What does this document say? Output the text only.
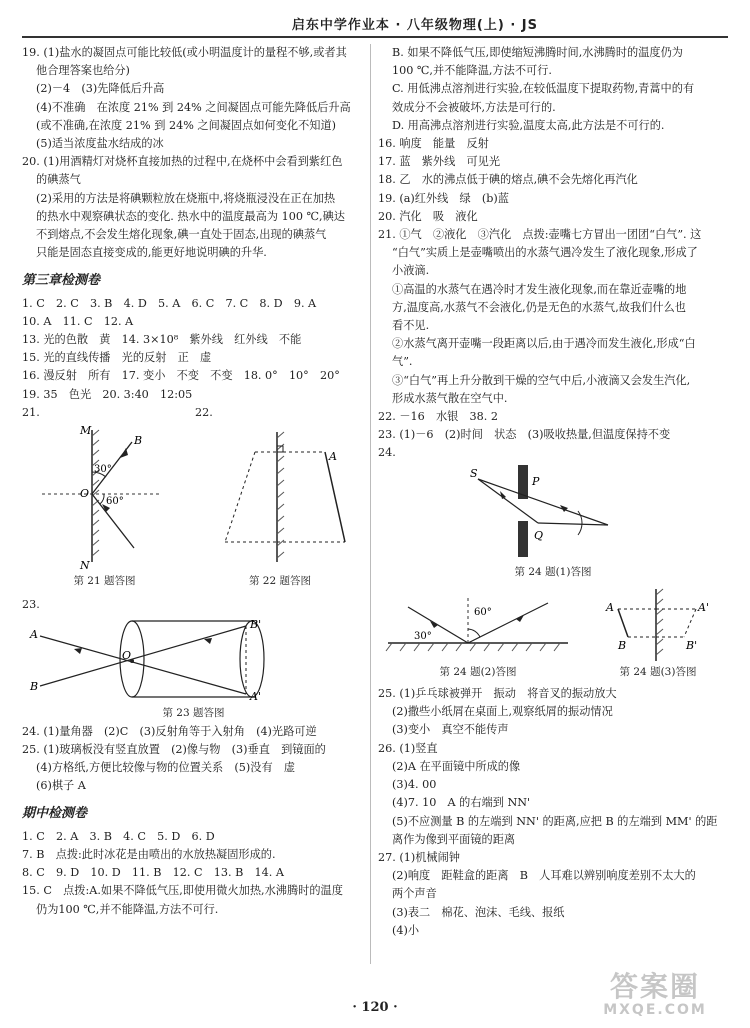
启东中学作业本 · 八年级物理(上) · JS

19. (1)盐水的凝固点可能比较低(或小明温度计的量程不够,或者其

他合理答案也给分)

(2)－4　(3)先降低后升高

(4)不准确　在浓度 21% 到 24% 之间凝固点可能先降低后升高

(或不准确,在浓度 21% 到 24% 之间凝固点如何变化不知道)

(5)适当浓度盐水结成的冰

20. (1)用酒精灯对烧杯直接加热的过程中,在烧杯中会看到紫红色

的碘蒸气

(2)采用的方法是将碘颗粒放在烧瓶中,将烧瓶浸没在正在加热

的热水中观察碘状态的变化. 热水中的温度最高为 100 ℃,碘达

不到熔点,不会发生熔化现象,碘一直处于固态,出现的碘蒸气

只能是固态直接变成的,能更好地说明碘的升华.

第三章检测卷

1. C　2. C　3. B　4. D　5. A　6. C　7. C　8. D　9. A

10. A　11. C　12. A

13. 光的色散　黄　14. 3×10⁸　紫外线　红外线　不能

15. 光的直线传播　光的反射　正　虚

16. 漫反射　所有　17. 变小　不变　不变　18. 0°　10°　20°

19. 35　色光　20. 3:40　12:05

21.
M
N
O
B
30°
60°
第 21 题答图
22.
A
第 22 题答图
23.
A
B
O
B'
A'
第 23 题答图

24. (1)量角器　(2)C　(3)反射角等于入射角　(4)光路可逆

25. (1)玻璃板没有竖直放置　(2)像与物　(3)垂直　到镜面的

(4)方格纸,方便比较像与物的位置关系　(5)没有　虚

(6)棋子 A

期中检测卷

1. C　2. A　3. B　4. C　5. D　6. D

7. B　点拨:此时冰花是由喷出的水放热凝固形成的.

8. C　9. D　10. D　11. B　12. C　13. B　14. A

15. C　点拨:A.如果不降低气压,即使用微火加热,水沸腾时的温度

仍为100 ℃,并不能降温,方法不可行.

B. 如果不降低气压,即使缩短沸腾时间,水沸腾时的温度仍为

100 ℃,并不能降温,方法不可行.

C. 用低沸点溶剂进行实验,在较低温度下提取药物,青蒿中的有

效成分不会被破坏,方法是可行的.

D. 用高沸点溶剂进行实验,温度太高,此方法是不可行的.

16. 响度　能量　反射

17. 蓝　紫外线　可见光

18. 乙　水的沸点低于碘的熔点,碘不会先熔化再汽化

19. (a)红外线　绿　(b)蓝

20. 汽化　吸　液化

21. ①气　②液化　③汽化　点拨:壶嘴七方冒出一团团“白气”. 这

“白气”实质上是壶嘴喷出的水蒸气遇冷发生了液化现象,形成了

小液滴.

①高温的水蒸气在遇冷时才发生液化现象,而在靠近壶嘴的地

方,温度高,水蒸气不会液化,仍是无色的水蒸气,故我们什么也

看不见.

②水蒸气离开壶嘴一段距离以后,由于遇冷而发生液化,形成“白

气”.

③“白气”再上升分散到干燥的空气中后,小液滴又会发生汽化,

形成水蒸气散在空气中.

22. －16　水银　38. 2

23. (1)－6　(2)时间　状态　(3)吸收热量,但温度保持不变

24.

S
P
Q
第 24 题(1)答图
30°
60°
第 24 题(2)答图
A
B
A'
B'
第 24 题(3)答图

25. (1)乒乓球被弹开　振动　将音叉的振动放大

(2)撒些小纸屑在桌面上,观察纸屑的振动情况

(3)变小　真空不能传声

26. (1)竖直

(2)A 在平面镜中所成的像

(3)4. 00

(4)7. 10　A 的右端到 NN'

(5)不应测量 B 的左端到 NN' 的距离,应把 B 的左端到 MM' 的距

离作为像到平面镜的距离

27. (1)机械闹钟

(2)响度　距鞋盒的距离　B　人耳难以辨别响度差别不太大的

两个声音

(3)表二　棉花、泡沫、毛线、报纸

(4)小

· 120 ·
答案圈
MXQE.COM
